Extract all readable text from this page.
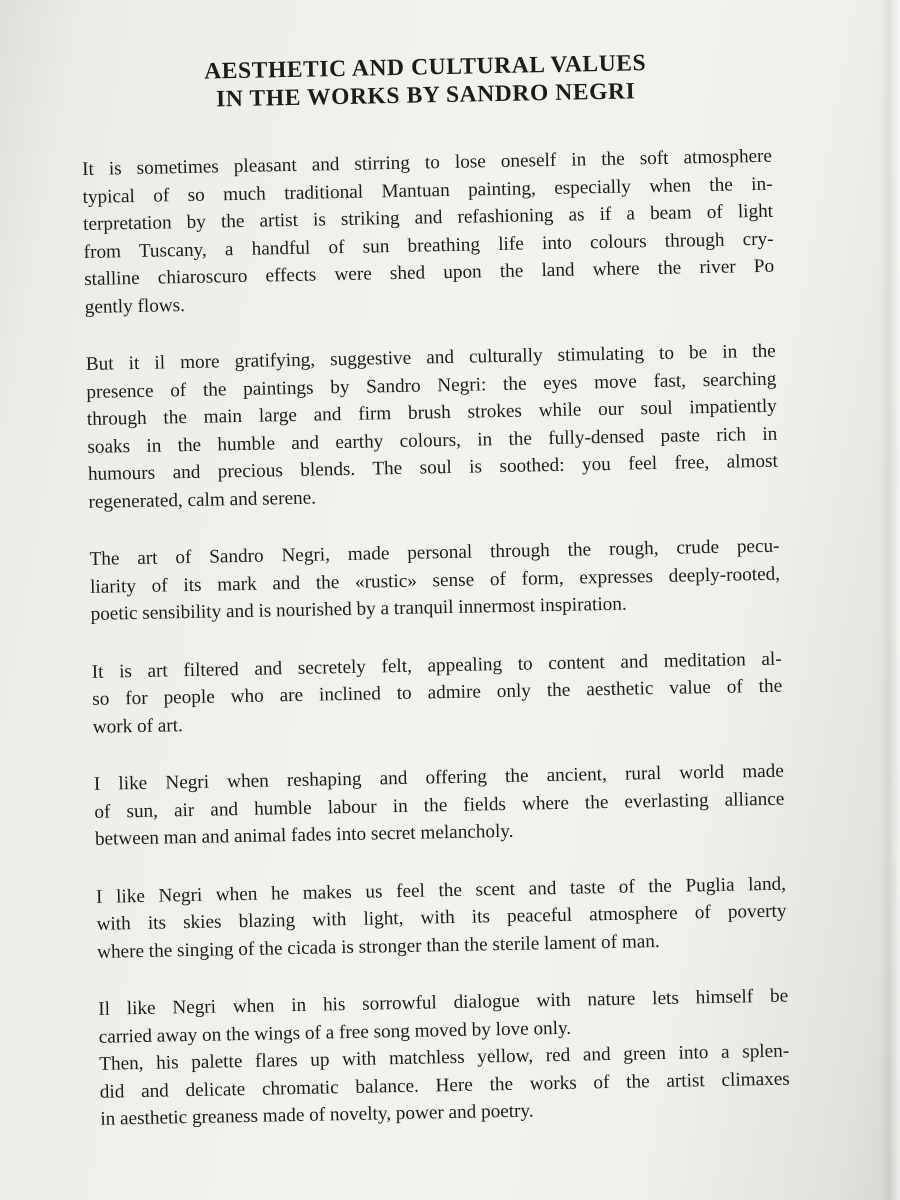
AESTHETIC AND CULTURAL VALUES
IN THE WORKS BY SANDRO NEGRI
It is sometimes pleasant and stirring to lose oneself in the soft atmosphere
typical of so much traditional Mantuan painting, especially when the in-
terpretation by the artist is striking and refashioning as if a beam of light
from Tuscany, a handful of sun breathing life into colours through cry-
stalline chiaroscuro effects were shed upon the land where the river Po
gently flows.
But it il more gratifying, suggestive and culturally stimulating to be in the
presence of the paintings by Sandro Negri: the eyes move fast, searching
through the main large and firm brush strokes while our soul impatiently
soaks in the humble and earthy colours, in the fully-densed paste rich in
humours and precious blends. The soul is soothed: you feel free, almost
regenerated, calm and serene.
The art of Sandro Negri, made personal through the rough, crude pecu-
liarity of its mark and the «rustic» sense of form, expresses deeply-rooted,
poetic sensibility and is nourished by a tranquil innermost inspiration.
It is art filtered and secretely felt, appealing to content and meditation al-
so for people who are inclined to admire only the aesthetic value of the
work of art.
I like Negri when reshaping and offering the ancient, rural world made
of sun, air and humble labour in the fields where the everlasting alliance
between man and animal fades into secret melancholy.
I like Negri when he makes us feel the scent and taste of the Puglia land,
with its skies blazing with light, with its peaceful atmosphere of poverty
where the singing of the cicada is stronger than the sterile lament of man.
Il like Negri when in his sorrowful dialogue with nature lets himself be
carried away on the wings of a free song moved by love only.
Then, his palette flares up with matchless yellow, red and green into a splen-
did and delicate chromatic balance. Here the works of the artist climaxes
in aesthetic greaness made of novelty, power and poetry.
